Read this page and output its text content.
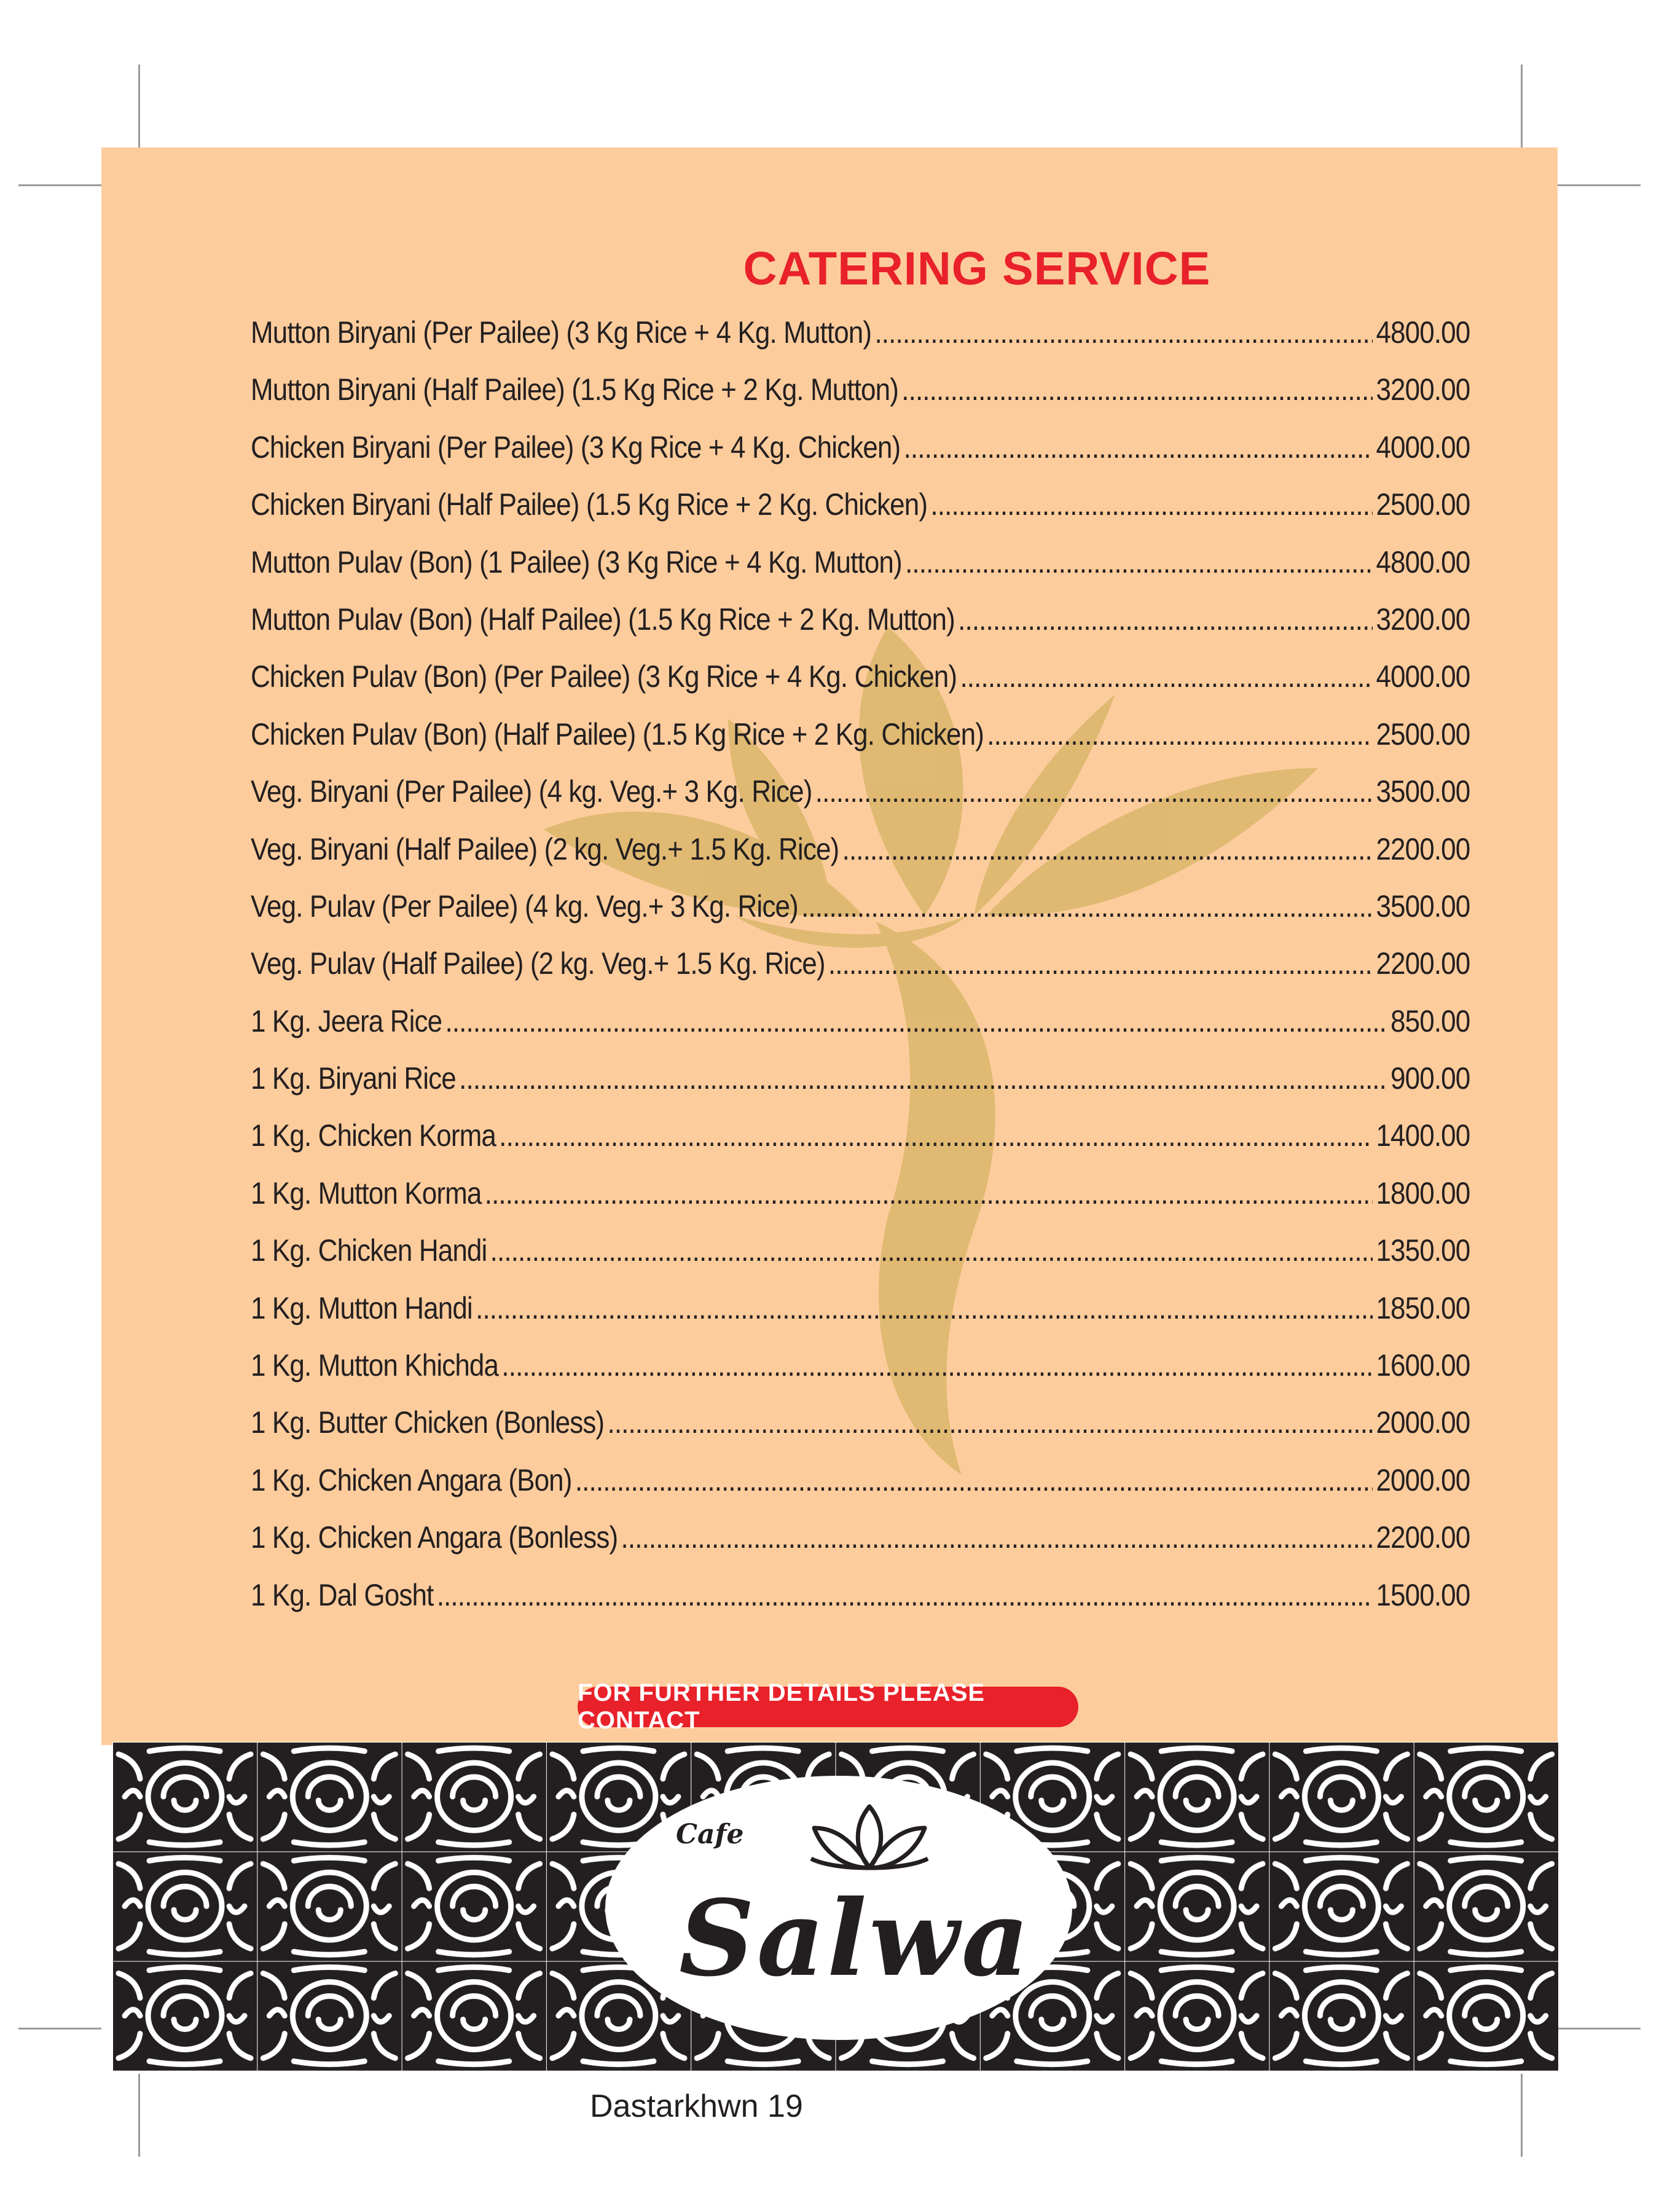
CATERING SERVICE
Mutton Biryani (Per Pailee) (3 Kg Rice + 4 Kg. Mutton) .....	4800.00
Mutton Biryani (Half Pailee) (1.5 Kg Rice + 2 Kg. Mutton) .....	3200.00
Chicken Biryani (Per Pailee) (3 Kg Rice + 4 Kg. Chicken) .....	4000.00
Chicken Biryani (Half Pailee) (1.5 Kg Rice + 2 Kg. Chicken) .....	2500.00
Mutton Pulav (Bon) (1 Pailee) (3 Kg Rice + 4 Kg. Mutton) .....	4800.00
Mutton Pulav (Bon) (Half Pailee) (1.5 Kg Rice + 2 Kg. Mutton) .....	3200.00
Chicken Pulav (Bon) (Per Pailee) (3 Kg Rice + 4 Kg. Chicken) .....	4000.00
Chicken Pulav (Bon) (Half Pailee) (1.5 Kg Rice + 2 Kg. Chicken) .....	2500.00
Veg. Biryani (Per Pailee) (4 kg. Veg.+ 3 Kg. Rice) .....	3500.00
Veg. Biryani (Half Pailee) (2 kg. Veg.+ 1.5 Kg. Rice) .....	2200.00
Veg. Pulav (Per Pailee) (4 kg. Veg.+ 3 Kg. Rice) .....	3500.00
Veg. Pulav (Half Pailee) (2 kg. Veg.+ 1.5 Kg. Rice) .....	2200.00
1 Kg. Jeera Rice .....	850.00
1 Kg. Biryani Rice .....	900.00
1 Kg. Chicken Korma .....	1400.00
1 Kg. Mutton Korma .....	1800.00
1 Kg. Chicken Handi .....	1350.00
1 Kg. Mutton Handi .....	1850.00
1 Kg. Mutton Khichda .....	1600.00
1 Kg. Butter Chicken (Bonless) .....	2000.00
1 Kg. Chicken Angara (Bon) .....	2000.00
1 Kg. Chicken Angara (Bonless) .....	2200.00
1 Kg. Dal Gosht .....	1500.00
FOR FURTHER DETAILS PLEASE CONTACT
Cafe
Salwa
Dastarkhwn 19
